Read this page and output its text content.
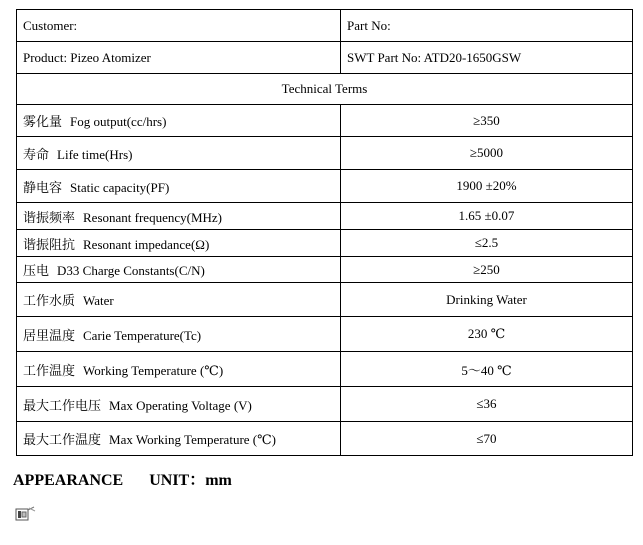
Customer:	Part No:
Product: Pizeo Atomizer	SWT Part No: ATD20-1650GSW
Technical Terms	
雾化量 Fog output(cc/hrs)	≥350
寿命 Life time(Hrs)	≥5000
静电容 Static capacity(PF)	1900 ±20%
谐振频率 Resonant frequency(MHz)	1.65 ±0.07
谐振阻抗 Resonant impedance(Ω)	≤2.5
压电 D33 Charge Constants(C/N)	≥250
工作水质 Water	Drinking Water
居里温度 Carie Temperature(Tc)	230 ℃
工作温度 Working Temperature (℃)	5～40 ℃
最大工作电压 Max Operating Voltage (V)	≤36
最大工作温度 Max Working Temperature (℃)	≤70
APPEARANCE UNIT：mm
